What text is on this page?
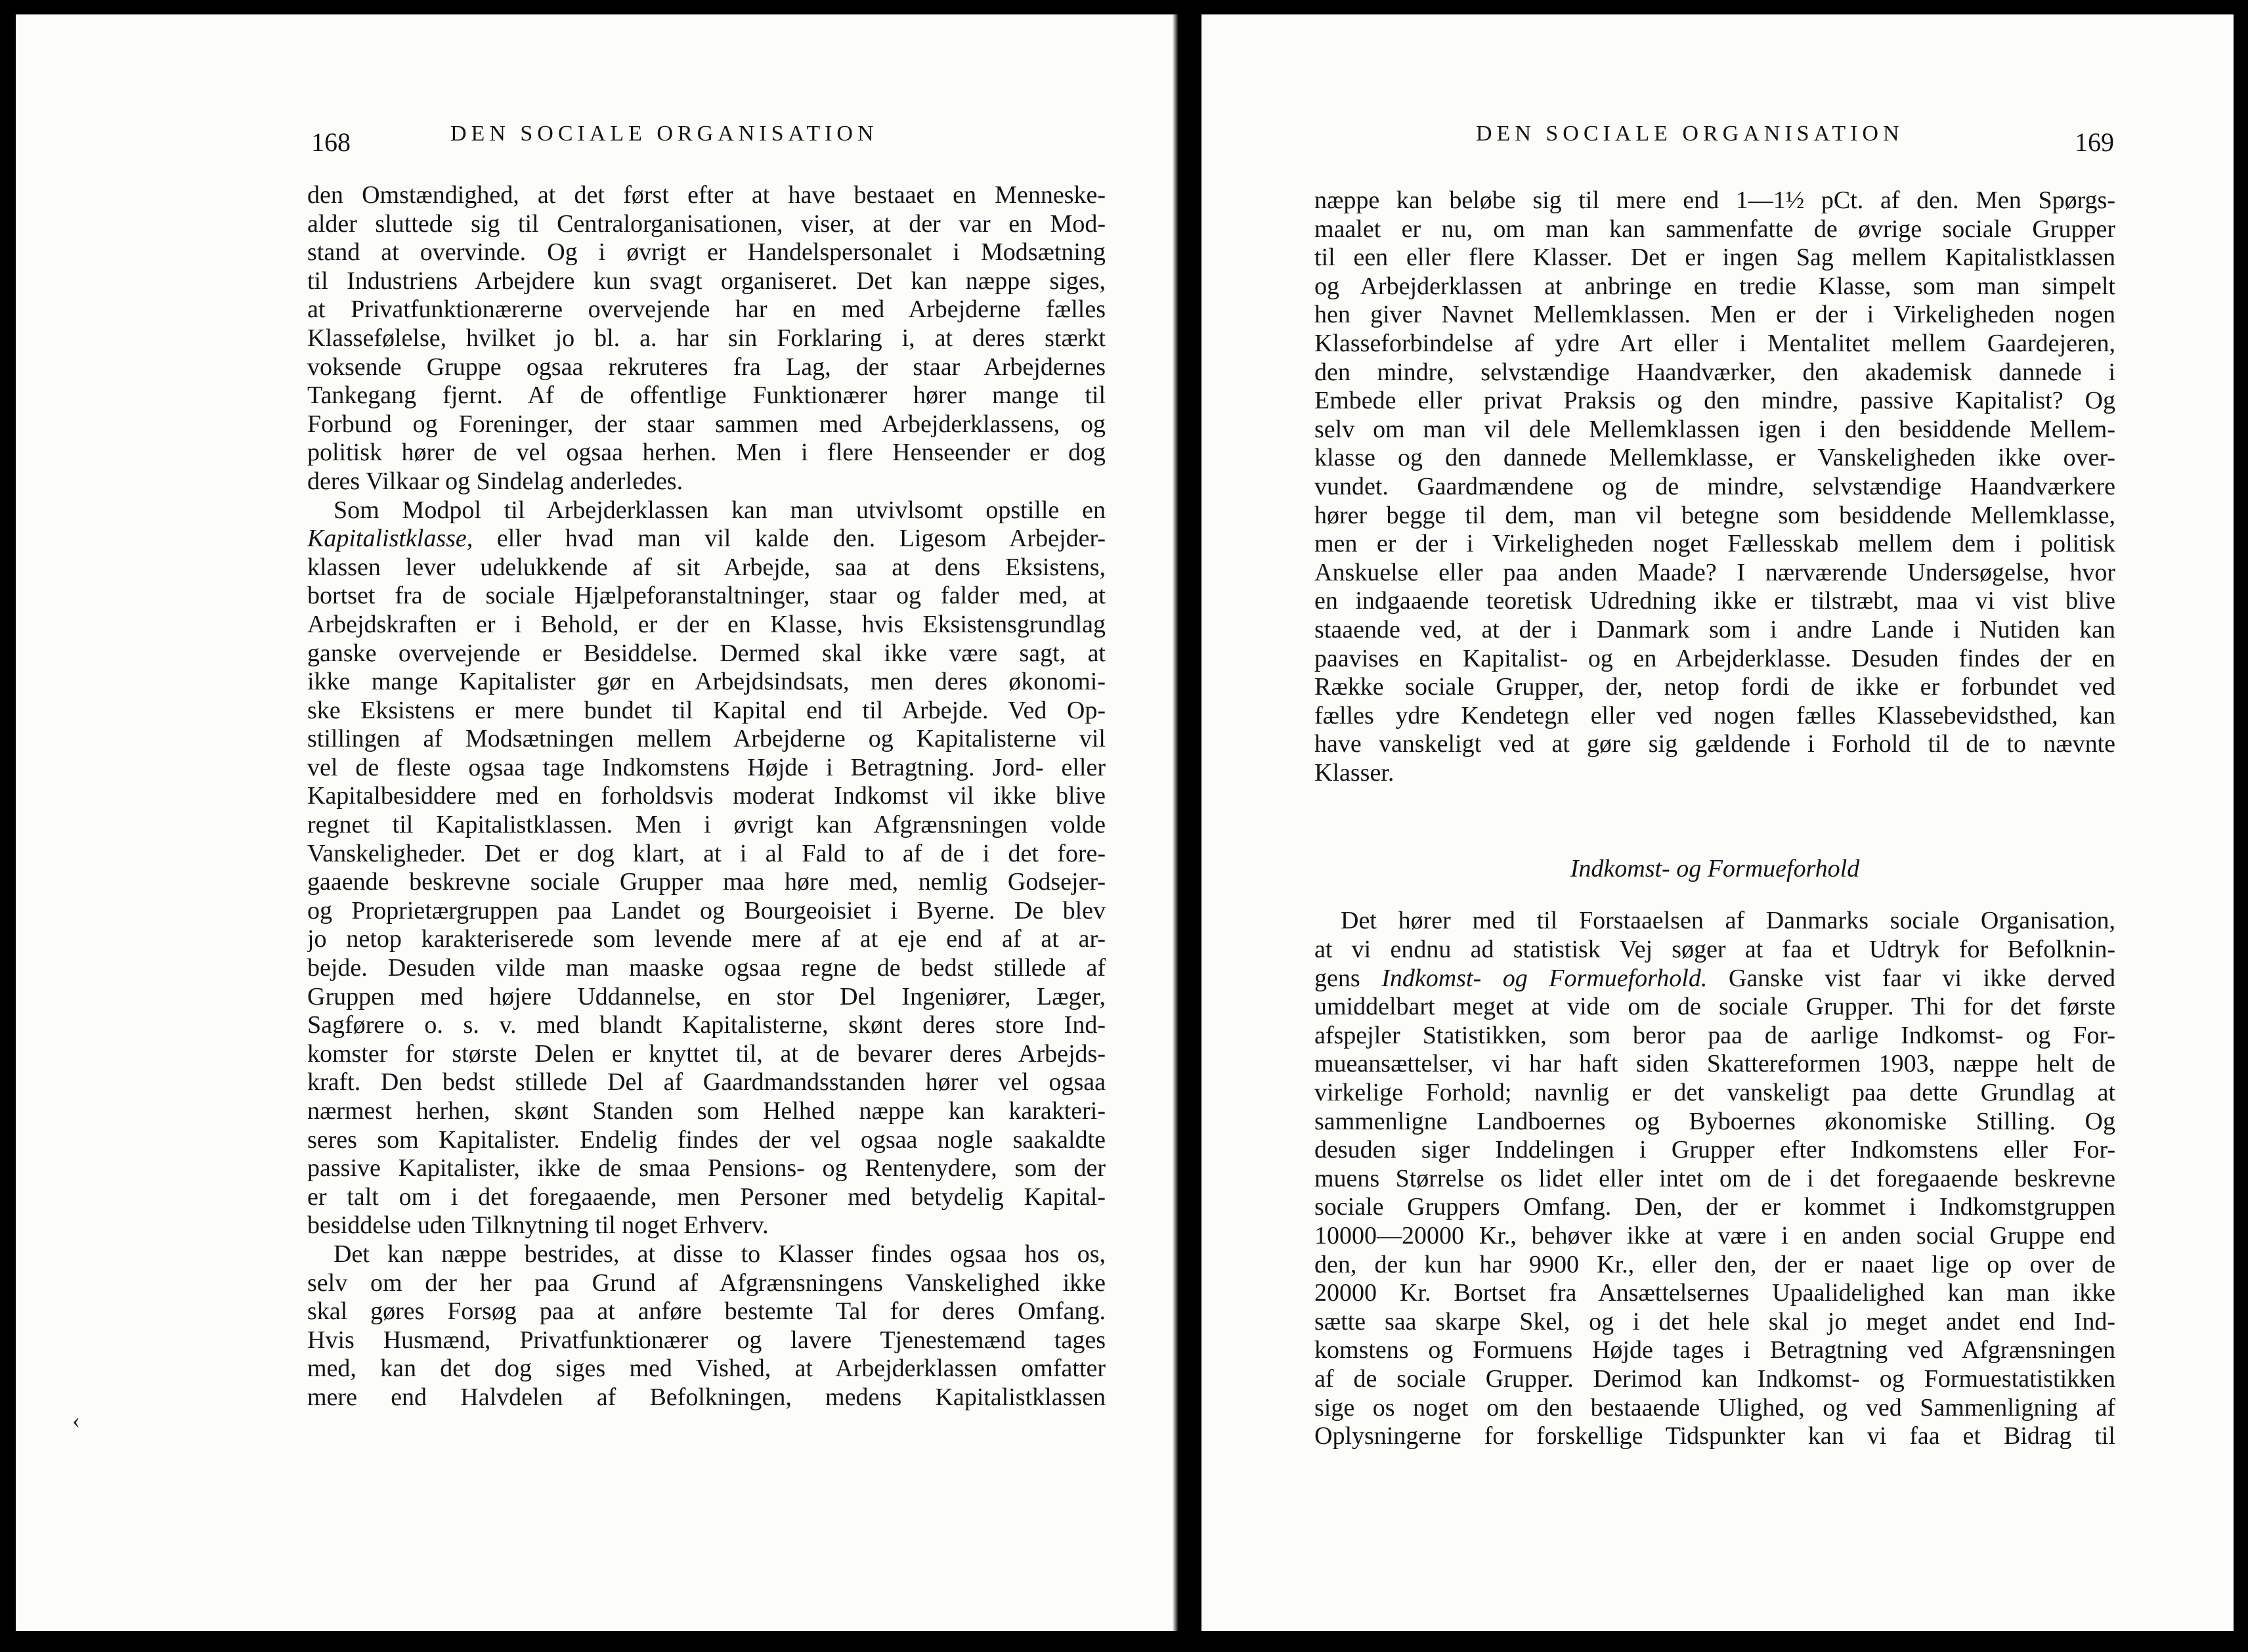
168	DEN SOCIALE ORGANISATION
den Omstændighed, at det først efter at have bestaaet en Menneske-
alder sluttede sig til Centralorganisationen, viser, at der var en Mod-
stand at overvinde. Og i øvrigt er Handelspersonalet i Modsætning
til Industriens Arbejdere kun svagt organiseret. Det kan næppe siges,
at Privatfunktionærerne overvejende har en med Arbejderne fælles
Klassefølelse, hvilket jo bl. a. har sin Forklaring i, at deres stærkt
voksende Gruppe ogsaa rekruteres fra Lag, der staar Arbejdernes
Tankegang fjernt. Af de offentlige Funktionærer hører mange til
Forbund og Foreninger, der staar sammen med Arbejderklassens, og
politisk hører de vel ogsaa herhen. Men i flere Henseender er dog
deres Vilkaar og Sindelag anderledes.
Som Modpol til Arbejderklassen kan man utvivlsomt opstille en
Kapitalistklasse, eller hvad man vil kalde den. Ligesom Arbejder-
klassen lever udelukkende af sit Arbejde, saa at dens Eksistens,
bortset fra de sociale Hjælpeforanstaltninger, staar og falder med, at
Arbejdskraften er i Behold, er der en Klasse, hvis Eksistensgrundlag
ganske overvejende er Besiddelse. Dermed skal ikke være sagt, at
ikke mange Kapitalister gør en Arbejdsindsats, men deres økonomi-
ske Eksistens er mere bundet til Kapital end til Arbejde. Ved Op-
stillingen af Modsætningen mellem Arbejderne og Kapitalisterne vil
vel de fleste ogsaa tage Indkomstens Højde i Betragtning. Jord- eller
Kapitalbesiddere med en forholdsvis moderat Indkomst vil ikke blive
regnet til Kapitalistklassen. Men i øvrigt kan Afgrænsningen volde
Vanskeligheder. Det er dog klart, at i al Fald to af de i det fore-
gaaende beskrevne sociale Grupper maa høre med, nemlig Godsejer-
og Proprietærgruppen paa Landet og Bourgeoisiet i Byerne. De blev
jo netop karakteriserede som levende mere af at eje end af at ar-
bejde. Desuden vilde man maaske ogsaa regne de bedst stillede af
Gruppen med højere Uddannelse, en stor Del Ingeniører, Læger,
Sagførere o. s. v. med blandt Kapitalisterne, skønt deres store Ind-
komster for største Delen er knyttet til, at de bevarer deres Arbejds-
kraft. Den bedst stillede Del af Gaardmandsstanden hører vel ogsaa
nærmest herhen, skønt Standen som Helhed næppe kan karakteri-
seres som Kapitalister. Endelig findes der vel ogsaa nogle saakaldte
passive Kapitalister, ikke de smaa Pensions- og Rentenydere, som der
er talt om i det foregaaende, men Personer med betydelig Kapital-
besiddelse uden Tilknytning til noget Erhverv.
Det kan næppe bestrides, at disse to Klasser findes ogsaa hos os,
selv om der her paa Grund af Afgrænsningens Vanskelighed ikke
skal gøres Forsøg paa at anføre bestemte Tal for deres Omfang.
Hvis Husmænd, Privatfunktionærer og lavere Tjenestemænd tages
med, kan det dog siges med Vished, at Arbejderklassen omfatter
mere end Halvdelen af Befolkningen, medens Kapitalistklassen
‹
DEN SOCIALE ORGANISATION	169
næppe kan beløbe sig til mere end 1—1½ pCt. af den. Men Spørgs-
maalet er nu, om man kan sammenfatte de øvrige sociale Grupper
til een eller flere Klasser. Det er ingen Sag mellem Kapitalistklassen
og Arbejderklassen at anbringe en tredie Klasse, som man simpelt
hen giver Navnet Mellemklassen. Men er der i Virkeligheden nogen
Klasseforbindelse af ydre Art eller i Mentalitet mellem Gaardejeren,
den mindre, selvstændige Haandværker, den akademisk dannede i
Embede eller privat Praksis og den mindre, passive Kapitalist? Og
selv om man vil dele Mellemklassen igen i den besiddende Mellem-
klasse og den dannede Mellemklasse, er Vanskeligheden ikke over-
vundet. Gaardmændene og de mindre, selvstændige Haandværkere
hører begge til dem, man vil betegne som besiddende Mellemklasse,
men er der i Virkeligheden noget Fællesskab mellem dem i politisk
Anskuelse eller paa anden Maade? I nærværende Undersøgelse, hvor
en indgaaende teoretisk Udredning ikke er tilstræbt, maa vi vist blive
staaende ved, at der i Danmark som i andre Lande i Nutiden kan
paavises en Kapitalist- og en Arbejderklasse. Desuden findes der en
Række sociale Grupper, der, netop fordi de ikke er forbundet ved
fælles ydre Kendetegn eller ved nogen fælles Klassebevidsthed, kan
have vanskeligt ved at gøre sig gældende i Forhold til de to nævnte
Klasser.
Indkomst- og Formueforhold
Det hører med til Forstaaelsen af Danmarks sociale Organisation,
at vi endnu ad statistisk Vej søger at faa et Udtryk for Befolknin-
gens Indkomst- og Formueforhold. Ganske vist faar vi ikke derved
umiddelbart meget at vide om de sociale Grupper. Thi for det første
afspejler Statistikken, som beror paa de aarlige Indkomst- og For-
mueansættelser, vi har haft siden Skattereformen 1903, næppe helt de
virkelige Forhold; navnlig er det vanskeligt paa dette Grundlag at
sammenligne Landboernes og Byboernes økonomiske Stilling. Og
desuden siger Inddelingen i Grupper efter Indkomstens eller For-
muens Størrelse os lidet eller intet om de i det foregaaende beskrevne
sociale Gruppers Omfang. Den, der er kommet i Indkomstgruppen
10000—20000 Kr., behøver ikke at være i en anden social Gruppe end
den, der kun har 9900 Kr., eller den, der er naaet lige op over de
20000 Kr. Bortset fra Ansættelsernes Upaalidelighed kan man ikke
sætte saa skarpe Skel, og i det hele skal jo meget andet end Ind-
komstens og Formuens Højde tages i Betragtning ved Afgrænsningen
af de sociale Grupper. Derimod kan Indkomst- og Formuestatistikken
sige os noget om den bestaaende Ulighed, og ved Sammenligning af
Oplysningerne for forskellige Tidspunkter kan vi faa et Bidrag til
